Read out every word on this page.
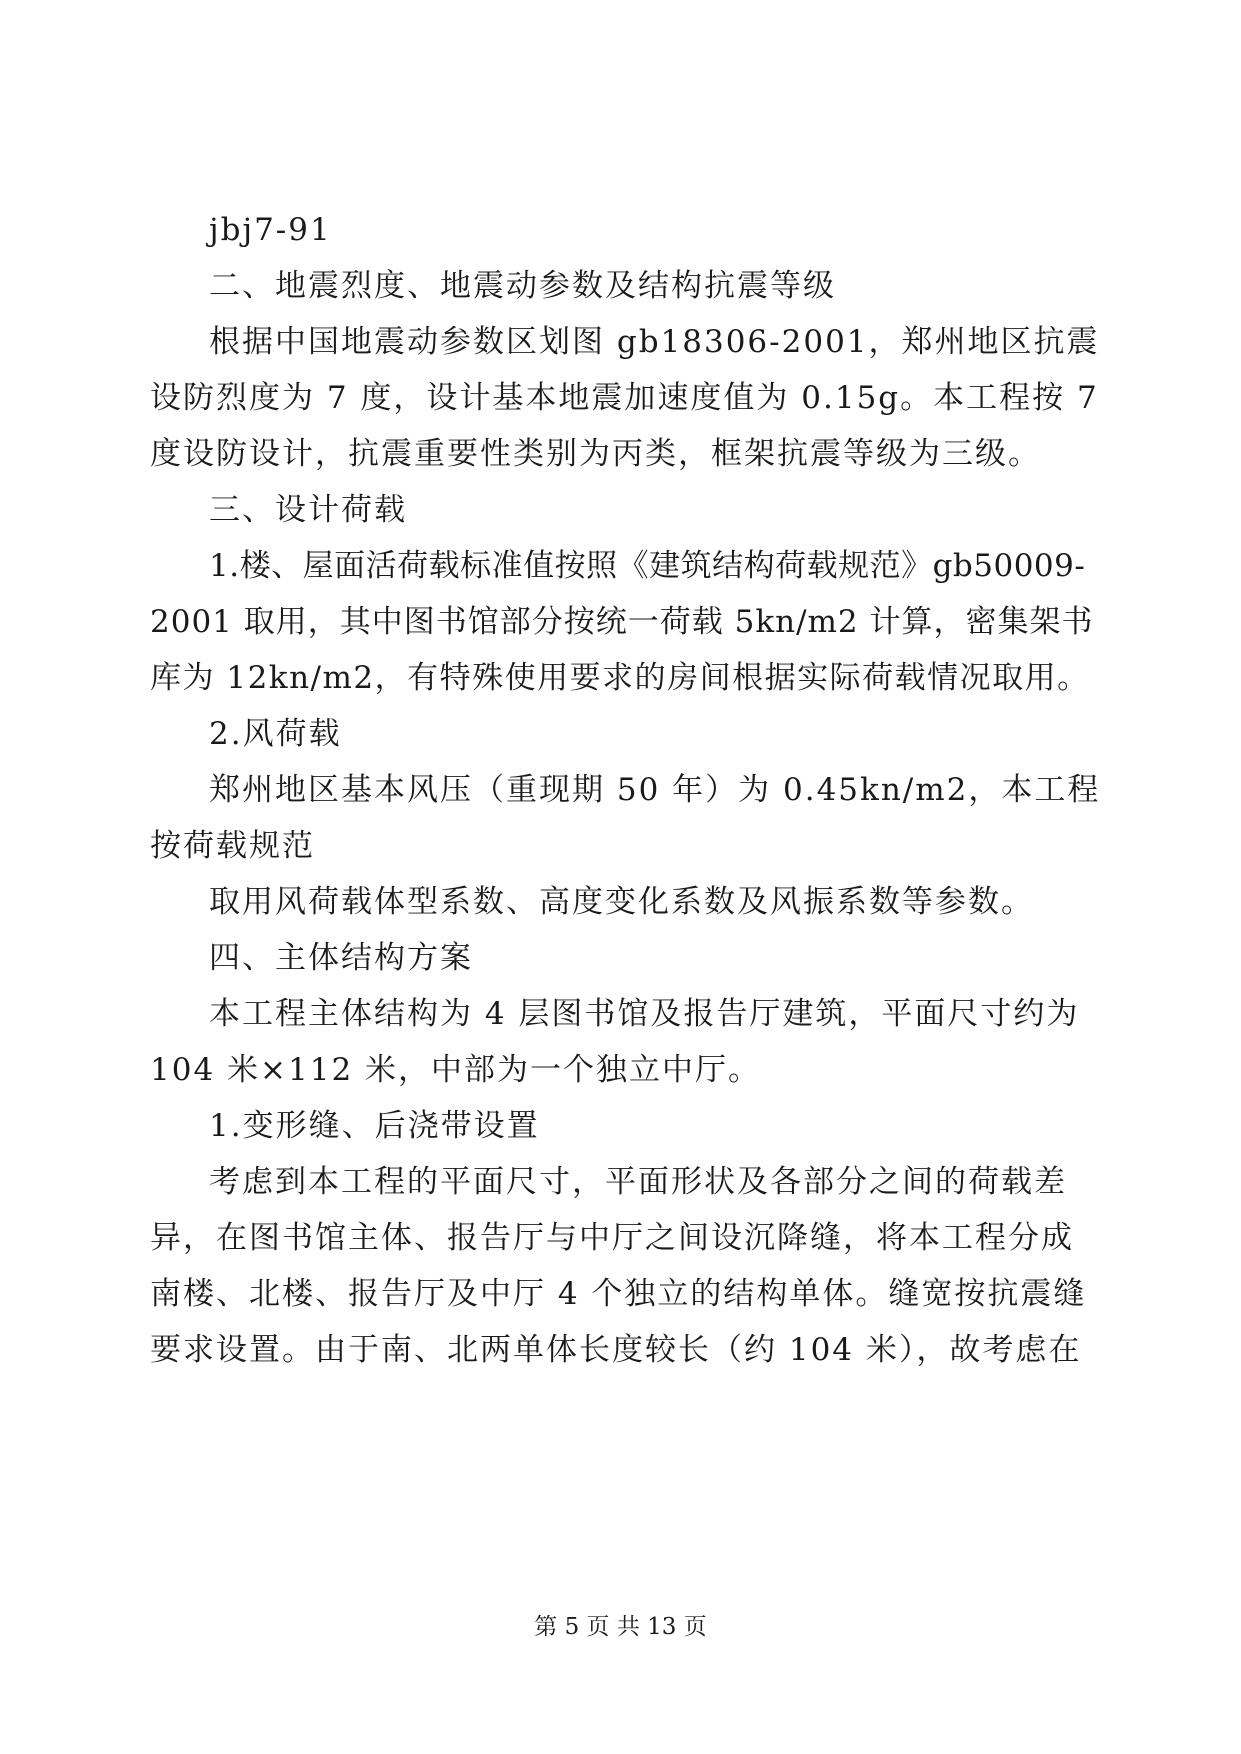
jbj7-91
二、地震烈度、地震动参数及结构抗震等级
根据中国地震动参数区划图 gb18306-2001，郑州地区抗震
设防烈度为 7 度，设计基本地震加速度值为 0.15g。本工程按 7
度设防设计，抗震重要性类别为丙类，框架抗震等级为三级。
三、设计荷载
1.楼、屋面活荷载标准值按照《建筑结构荷载规范》gb50009-
2001 取用，其中图书馆部分按统一荷载 5kn/m2 计算，密集架书
库为 12kn/m2，有特殊使用要求的房间根据实际荷载情况取用。
2.风荷载
郑州地区基本风压（重现期 50 年）为 0.45kn/m2，本工程
按荷载规范
取用风荷载体型系数、高度变化系数及风振系数等参数。
四、主体结构方案
本工程主体结构为 4 层图书馆及报告厅建筑，平面尺寸约为
104 米×112 米，中部为一个独立中厅。
1.变形缝、后浇带设置
考虑到本工程的平面尺寸，平面形状及各部分之间的荷载差
异，在图书馆主体、报告厅与中厅之间设沉降缝，将本工程分成
南楼、北楼、报告厅及中厅 4 个独立的结构单体。缝宽按抗震缝
要求设置。由于南、北两单体长度较长（约 104 米），故考虑在
第 5 页 共 13 页
